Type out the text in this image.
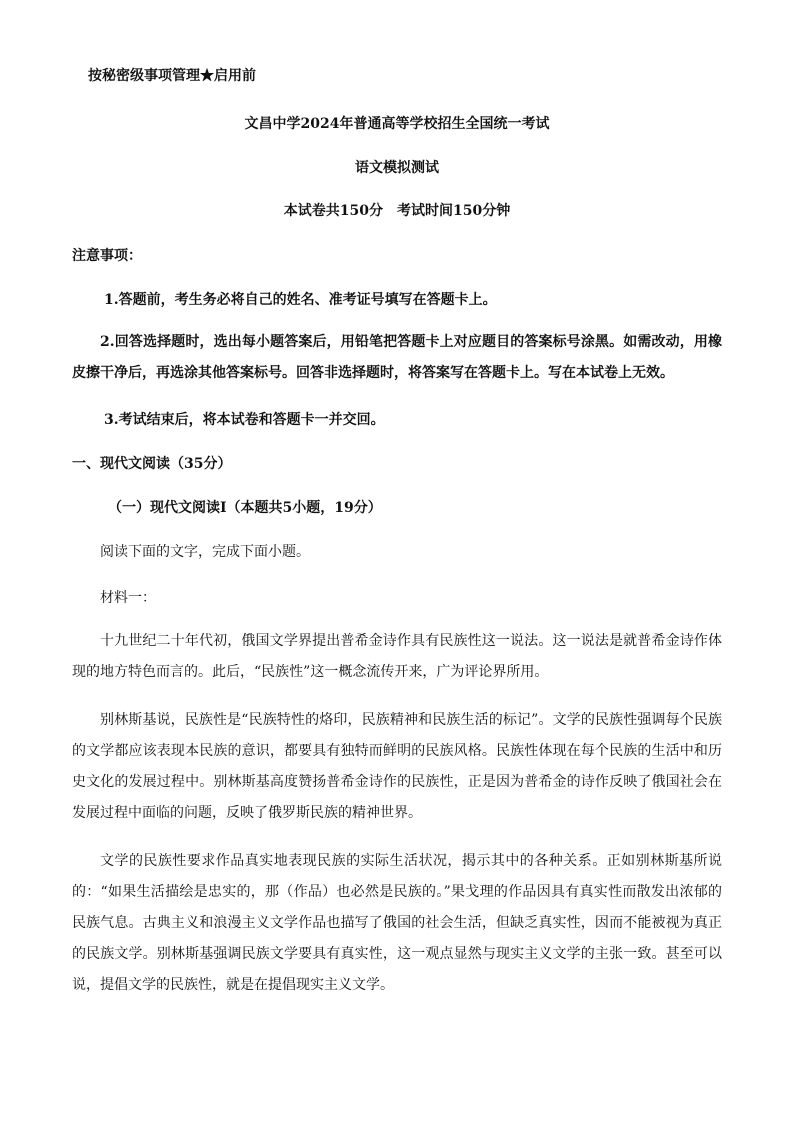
按秘密级事项管理★启用前
文昌中学2024年普通高等学校招生全国统一考试
语文模拟测试
本试卷共150分　考试时间150分钟
注意事项：
1.答题前，考生务必将自己的姓名、准考证号填写在答题卡上。
2.回答选择题时，选出每小题答案后，用铅笔把答题卡上对应题目的答案标号涂黑。如需改动，用橡皮擦干净后，再选涂其他答案标号。回答非选择题时，将答案写在答题卡上。写在本试卷上无效。
3.考试结束后，将本试卷和答题卡一并交回。
一、现代文阅读（35分）
（一）现代文阅读Ⅰ（本题共5小题，19分）
阅读下面的文字，完成下面小题。
材料一：
十九世纪二十年代初，俄国文学界提出普希金诗作具有民族性这一说法。这一说法是就普希金诗作体现的地方特色而言的。此后，“民族性”这一概念流传开来，广为评论界所用。
别林斯基说，民族性是“民族特性的烙印，民族精神和民族生活的标记”。文学的民族性强调每个民族的文学都应该表现本民族的意识，都要具有独特而鲜明的民族风格。民族性体现在每个民族的生活中和历史文化的发展过程中。别林斯基高度赞扬普希金诗作的民族性，正是因为普希金的诗作反映了俄国社会在发展过程中面临的问题，反映了俄罗斯民族的精神世界。
文学的民族性要求作品真实地表现民族的实际生活状况，揭示其中的各种关系。正如别林斯基所说的：“如果生活描绘是忠实的，那（作品）也必然是民族的。”果戈理的作品因具有真实性而散发出浓郁的民族气息。古典主义和浪漫主义文学作品也描写了俄国的社会生活，但缺乏真实性，因而不能被视为真正的民族文学。别林斯基强调民族文学要具有真实性，这一观点显然与现实主义文学的主张一致。甚至可以说，提倡文学的民族性，就是在提倡现实主义文学。
